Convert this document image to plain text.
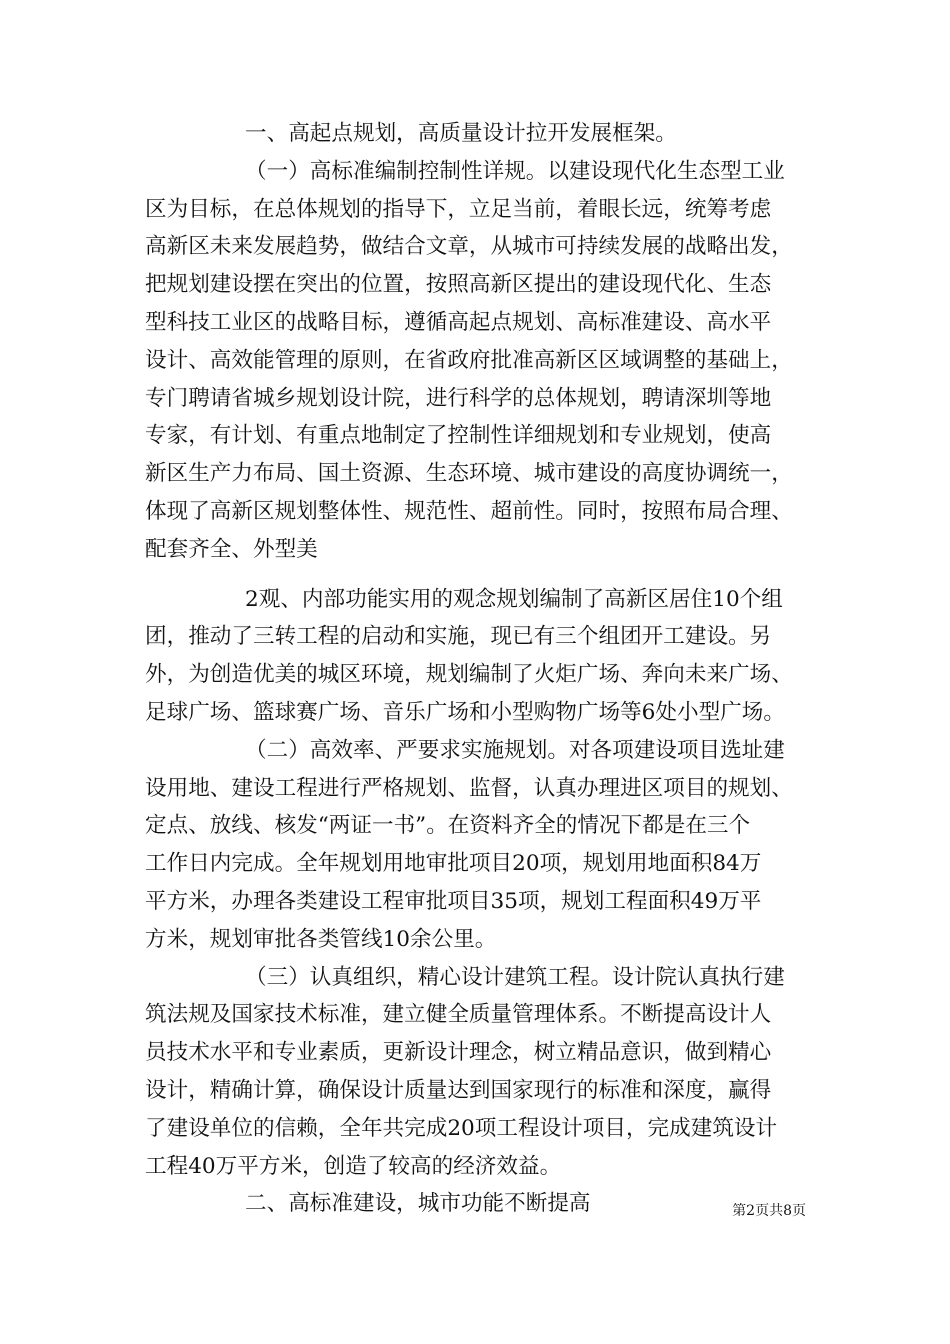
一、高起点规划，高质量设计拉开发展框架。
（一）高标准编制控制性详规。以建设现代化生态型工业
区为目标，在总体规划的指导下，立足当前，着眼长远，统筹考虑
高新区未来发展趋势，做结合文章，从城市可持续发展的战略出发，
把规划建设摆在突出的位置，按照高新区提出的建设现代化、生态
型科技工业区的战略目标，遵循高起点规划、高标准建设、高水平
设计、高效能管理的原则，在省政府批准高新区区域调整的基础上，
专门聘请省城乡规划设计院，进行科学的总体规划，聘请深圳等地
专家，有计划、有重点地制定了控制性详细规划和专业规划，使高
新区生产力布局、国土资源、生态环境、城市建设的高度协调统一，
体现了高新区规划整体性、规范性、超前性。同时，按照布局合理、
配套齐全、外型美
2观、内部功能实用的观念规划编制了高新区居住10个组
团，推动了三转工程的启动和实施，现已有三个组团开工建设。另
外，为创造优美的城区环境，规划编制了火炬广场、奔向未来广场、
足球广场、篮球赛广场、音乐广场和小型购物广场等6处小型广场。
（二）高效率、严要求实施规划。对各项建设项目选址建
设用地、建设工程进行严格规划、监督，认真办理进区项目的规划、
定点、放线、核发“两证一书”。在资料齐全的情况下都是在三个
工作日内完成。全年规划用地审批项目20项，规划用地面积84万
平方米，办理各类建设工程审批项目35项，规划工程面积49万平
方米，规划审批各类管线10余公里。
（三）认真组织，精心设计建筑工程。设计院认真执行建
筑法规及国家技术标准，建立健全质量管理体系。不断提高设计人
员技术水平和专业素质，更新设计理念，树立精品意识，做到精心
设计，精确计算，确保设计质量达到国家现行的标准和深度，赢得
了建设单位的信赖，全年共完成20项工程设计项目，完成建筑设计
工程40万平方米，创造了较高的经济效益。
二、高标准建设，城市功能不断提高	第2页共8页
